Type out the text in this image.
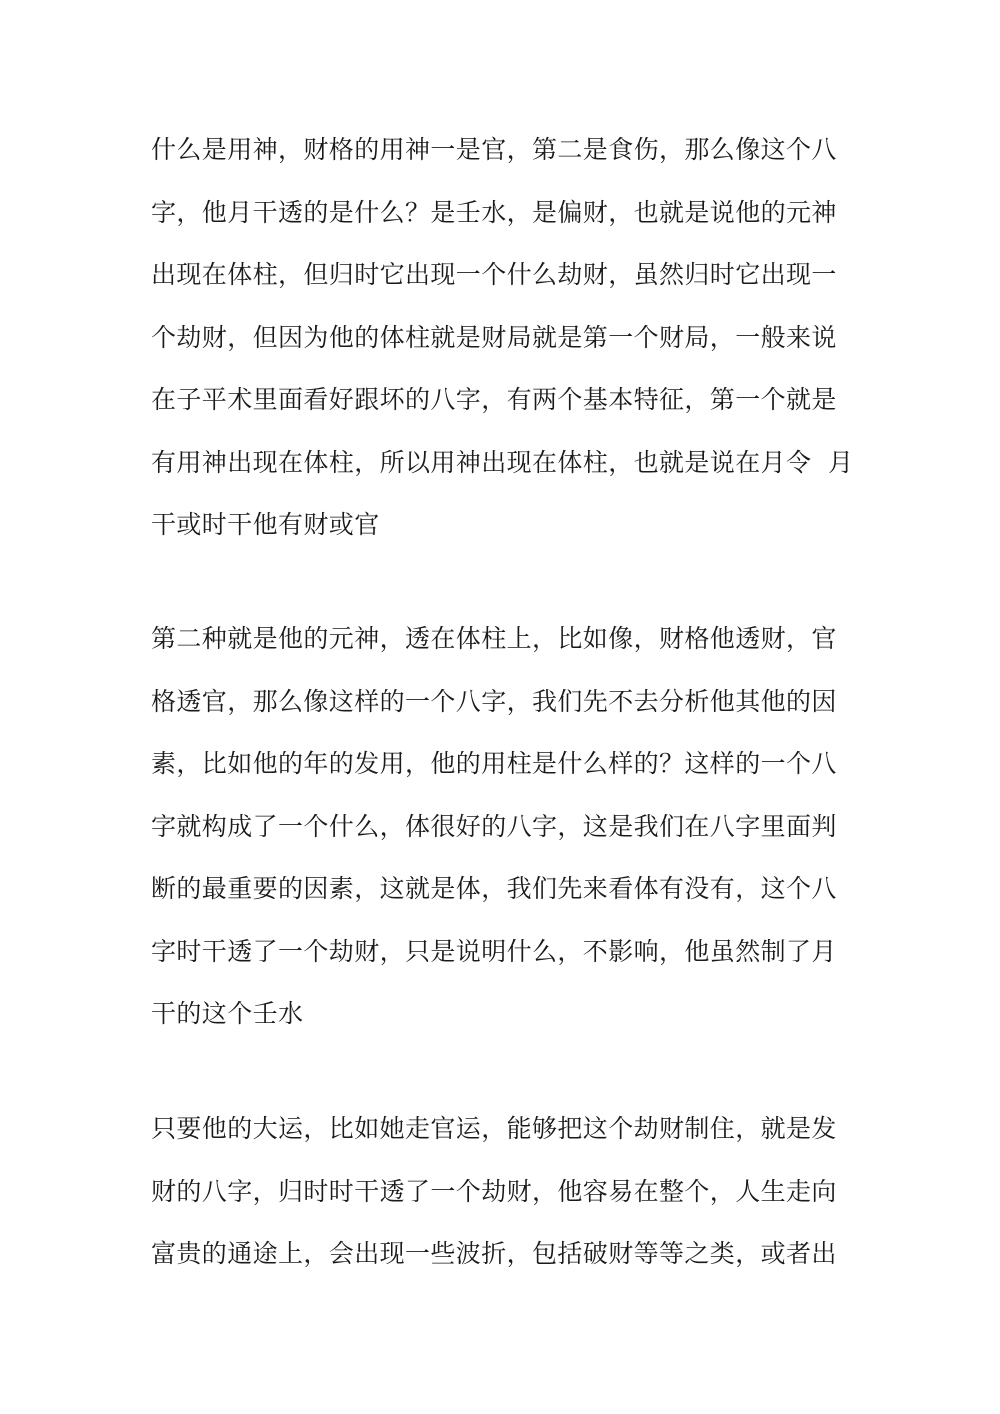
什么是用神，财格的用神一是官，第二是食伤，那么像这个八
字，他月干透的是什么？是壬水，是偏财，也就是说他的元神
出现在体柱，但归时它出现一个什么劫财，虽然归时它出现一
个劫财，但因为他的体柱就是财局就是第一个财局，一般来说
在子平术里面看好跟坏的八字，有两个基本特征，第一个就是
有用神出现在体柱，所以用神出现在体柱，也就是说在月令  月
干或时干他有财或官

第二种就是他的元神，透在体柱上，比如像，财格他透财，官
格透官，那么像这样的一个八字，我们先不去分析他其他的因
素，比如他的年的发用，他的用柱是什么样的？这样的一个八
字就构成了一个什么，体很好的八字，这是我们在八字里面判
断的最重要的因素，这就是体，我们先来看体有没有，这个八
字时干透了一个劫财，只是说明什么，不影响，他虽然制了月
干的这个壬水

只要他的大运，比如她走官运，能够把这个劫财制住，就是发
财的八字，归时时干透了一个劫财，他容易在整个，人生走向
富贵的通途上，会出现一些波折，包括破财等等之类，或者出
